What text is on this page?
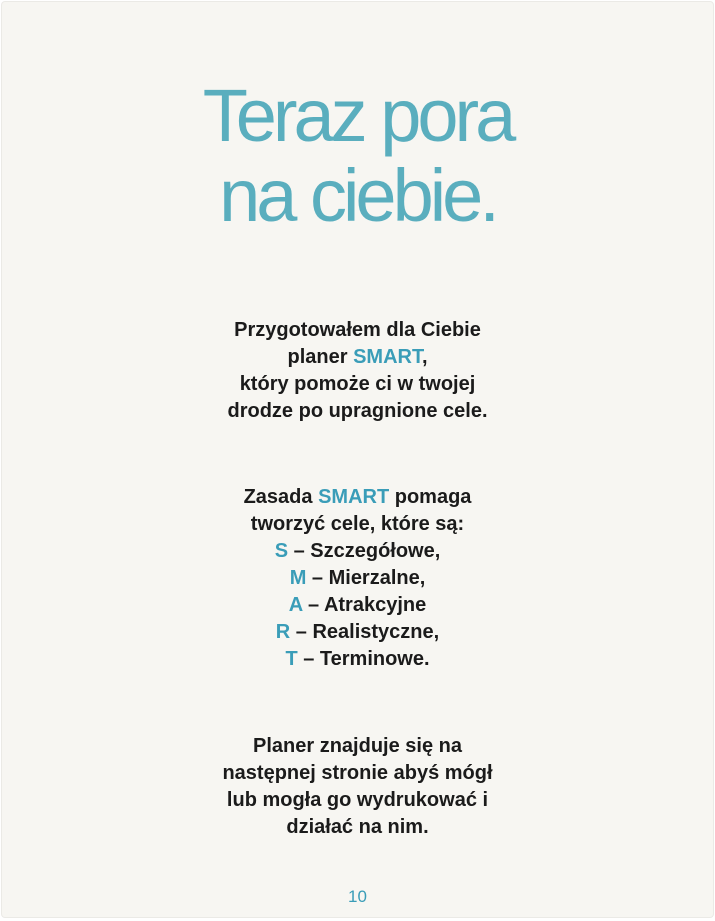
Teraz pora
na ciebie.
Przygotowałem dla Ciebie
planer SMART,
który pomoże ci w twojej
drodze po upragnione cele.
Zasada SMART pomaga
tworzyć cele, które są:
S – Szczegółowe,
M – Mierzalne,
A – Atrakcyjne
R – Realistyczne,
T – Terminowe.
Planer znajduje się na
następnej stronie abyś mógł
lub mogła go wydrukować i
działać na nim.
10
